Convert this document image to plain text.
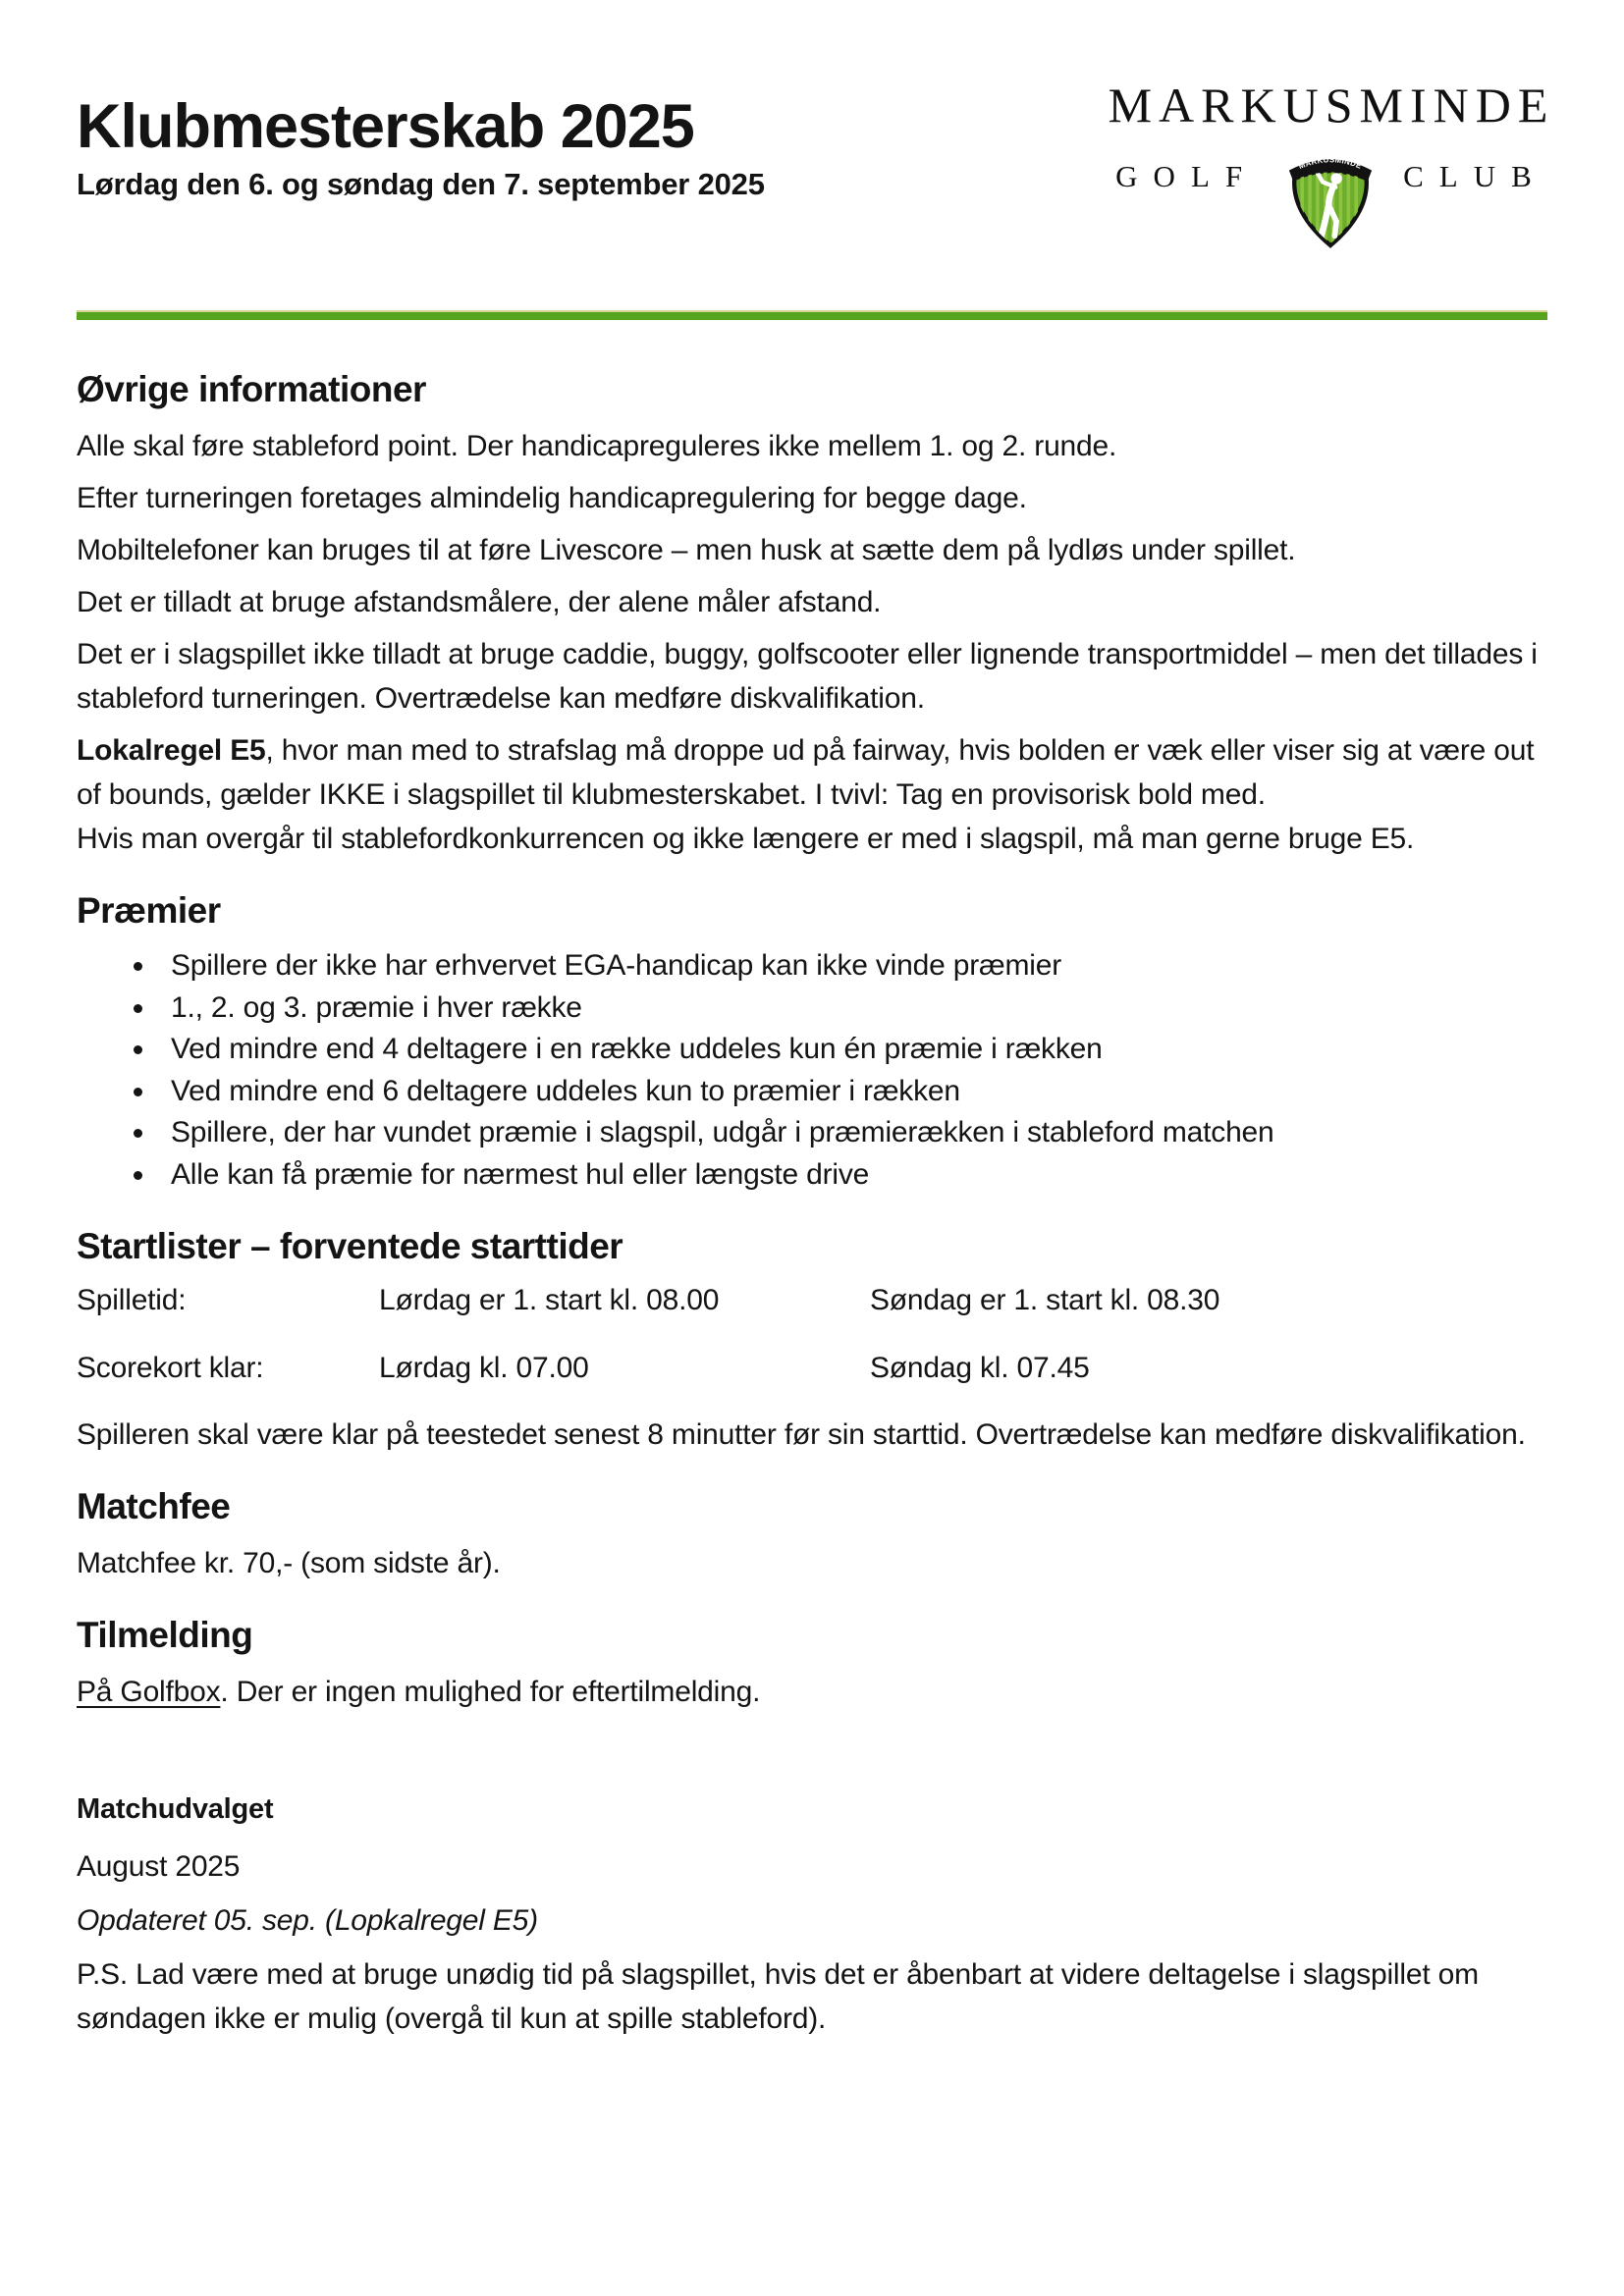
Klubmesterskab 2025
Lørdag den 6. og søndag den 7. september 2025
MARKUSMINDE
GOLF	MARKUSMINDE CLUB
Øvrige informationer

Alle skal føre stableford point. Der handicapreguleres ikke mellem 1. og 2. runde.

Efter turneringen foretages almindelig handicapregulering for begge dage.

Mobiltelefoner kan bruges til at føre Livescore – men husk at sætte dem på lydløs under spillet.

Det er tilladt at bruge afstandsmålere, der alene måler afstand.

Det er i slagspillet ikke tilladt at bruge caddie, buggy, golfscooter eller lignende transportmiddel – men det tillades i stableford turneringen. Overtrædelse kan medføre diskvalifikation.

Lokalregel E5, hvor man med to strafslag må droppe ud på fairway, hvis bolden er væk eller viser sig at være out of bounds, gælder IKKE i slagspillet til klubmesterskabet. I tvivl: Tag en provisorisk bold med.

Hvis man overgår til stablefordkonkurrencen og ikke længere er med i slagspil, må man gerne bruge E5.

Præmier
• Spillere der ikke har erhvervet EGA-handicap kan ikke vinde præmier
• 1., 2. og 3. præmie i hver række
• Ved mindre end 4 deltagere i en række uddeles kun én præmie i rækken
• Ved mindre end 6 deltagere uddeles kun to præmier i rækken
• Spillere, der har vundet præmie i slagspil, udgår i præmierækken i stableford matchen
• Alle kan få præmie for nærmest hul eller længste drive
Startlister – forventede starttider
Spilletid:	Lørdag er 1. start kl. 08.00	Søndag er 1. start kl. 08.30
Scorekort klar:	Lørdag kl. 07.00	Søndag kl. 07.45

Spilleren skal være klar på teestedet senest 8 minutter før sin starttid. Overtrædelse kan medføre diskvalifikation.

Matchfee

Matchfee kr. 70,- (som sidste år).

Tilmelding

På Golfbox. Der er ingen mulighed for eftertilmelding.

Matchudvalget

August 2025

Opdateret 05. sep. (Lopkalregel E5)

P.S. Lad være med at bruge unødig tid på slagspillet, hvis det er åbenbart at videre deltagelse i slagspillet om søndagen ikke er mulig (overgå til kun at spille stableford).
